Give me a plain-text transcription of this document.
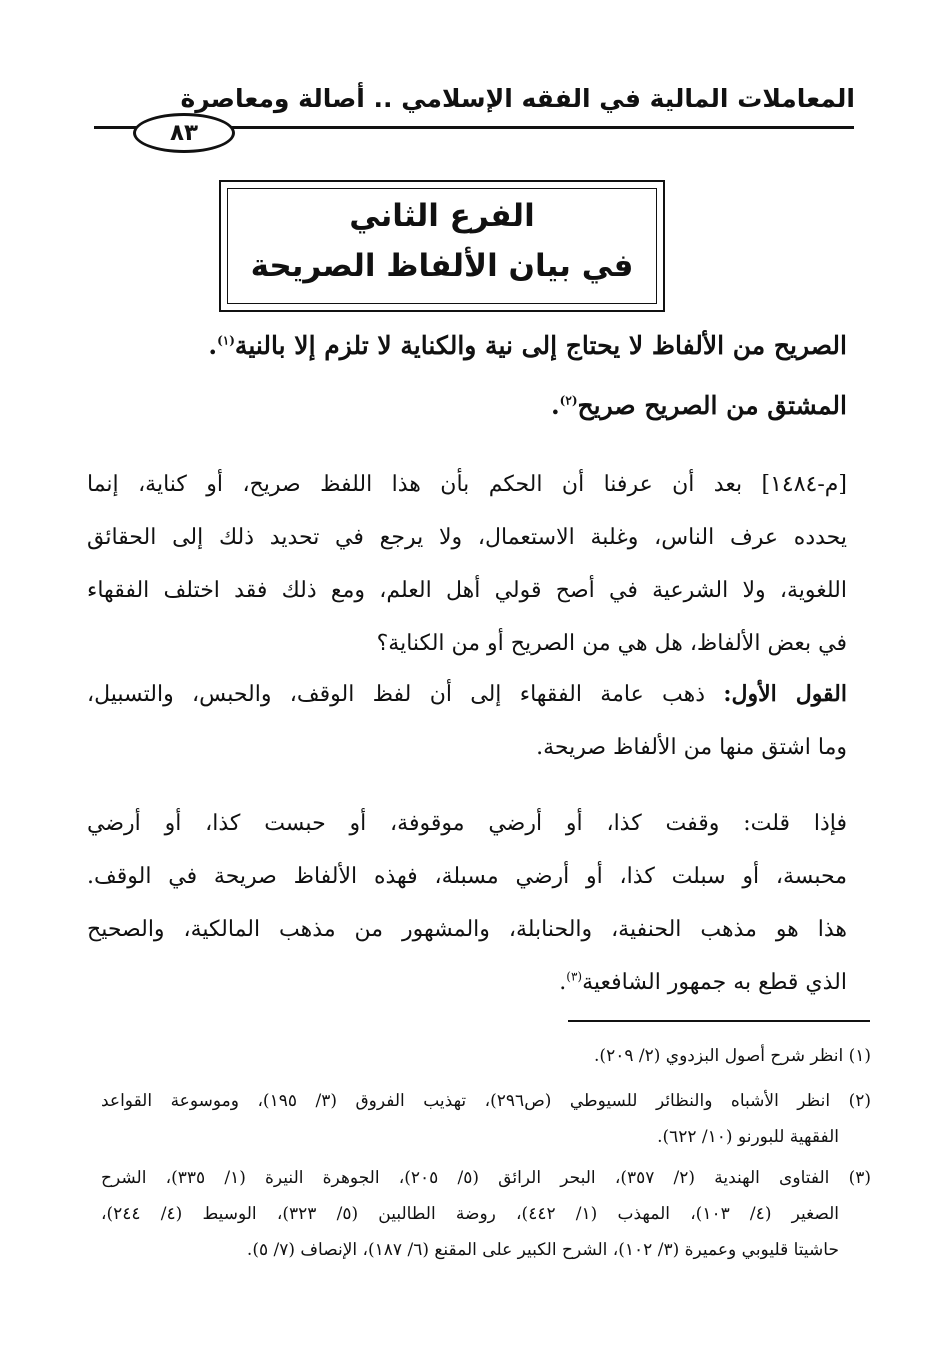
المعاملات المالية في الفقه الإسلامي .. أصالة ومعاصرة
٨٣
الفرع الثاني
في بيان الألفاظ الصريحة

الصريح من الألفاظ لا يحتاج إلى نية والكناية لا تلزم إلا بالنية$^{(١)}$.

المشتق من الصريح صريح$^{(٢)}$.

[م-١٤٨٤] بعد أن عرفنا أن الحكم بأن هذا اللفظ صريح، أو كناية، إنما
يحدده عرف الناس، وغلبة الاستعمال، ولا يرجع في تحديد ذلك إلى الحقائق
اللغوية، ولا الشرعية في أصح قولي أهل العلم، ومع ذلك فقد اختلف الفقهاء
في بعض الألفاظ، هل هي من الصريح أو من الكناية؟
القول الأول: ذهب عامة الفقهاء إلى أن لفظ الوقف، والحبس، والتسبيل،
وما اشتق منها من الألفاظ صريحة.
فإذا قلت: وقفت كذا، أو أرضي موقوفة، أو حبست كذا، أو أرضي
محبسة، أو سبلت كذا، أو أرضي مسبلة، فهذه الألفاظ صريحة في الوقف.
هذا هو مذهب الحنفية، والحنابلة، والمشهور من مذهب المالكية، والصحيح
الذي قطع به جمهور الشافعية$^{(٣)}$.
(١) انظر شرح أصول البزدوي (٢/ ٢٠٩).
(٢) انظر الأشباه والنظائر للسيوطي (ص٢٩٦)، تهذيب الفروق (٣/ ١٩٥)، وموسوعة القواعد
الفقهية للبورنو (١٠/ ٦٢٢).
(٣) الفتاوى الهندية (٢/ ٣٥٧)، البحر الرائق (٥/ ٢٠٥)، الجوهرة النيرة (١/ ٣٣٥)، الشرح
الصغير (٤/ ١٠٣)، المهذب (١/ ٤٤٢)، روضة الطالبين (٥/ ٣٢٣)، الوسيط (٤/ ٢٤٤)،
حاشيتا قليوبي وعميرة (٣/ ١٠٢)، الشرح الكبير على المقنع (٦/ ١٨٧)، الإنصاف (٧/ ٥).
